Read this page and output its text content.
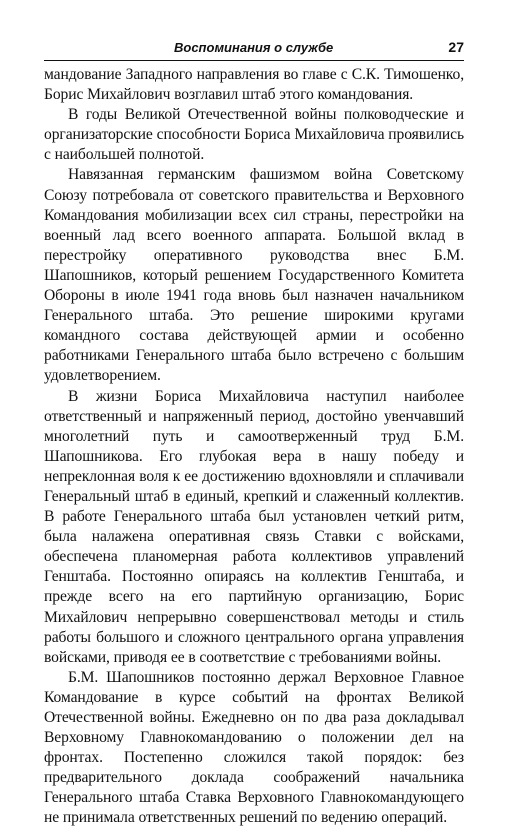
Воспоминания о службе	27

мандование Западного направления во главе с С.К. Тимошенко, Борис Михайлович возглавил штаб этого командования.

В годы Великой Отечественной войны полководческие и организаторские способности Бориса Михайловича проявились с наибольшей полнотой.

Навязанная германским фашизмом война Советскому Союзу потребовала от советского правительства и Верховного Командования мобилизации всех сил страны, перестройки на военный лад всего военного аппарата. Большой вклад в перестройку оперативного руководства внес Б.М. Шапошников, который решением Государственного Комитета Обороны в июле 1941 года вновь был назначен начальником Генерального штаба. Это решение широкими кругами командного состава действующей армии и особенно работниками Генерального штаба было встречено с большим удовлетворением.

В жизни Бориса Михайловича наступил наиболее ответственный и напряженный период, достойно увенчавший многолетний путь и самоотверженный труд Б.М. Шапошникова. Его глубокая вера в нашу победу и непреклонная воля к ее достижению вдохновляли и сплачивали Генеральный штаб в единый, крепкий и слаженный коллектив. В работе Генерального штаба был установлен четкий ритм, была налажена оперативная связь Ставки с войсками, обеспечена планомерная работа коллективов управлений Генштаба. Постоянно опираясь на коллектив Генштаба, и прежде всего на его партийную организацию, Борис Михайлович непрерывно совершенствовал методы и стиль работы большого и сложного центрального органа управления войсками, приводя ее в соответствие с требованиями войны.

Б.М. Шапошников постоянно держал Верховное Главное Командование в курсе событий на фронтах Великой Отечественной войны. Ежедневно он по два раза докладывал Верховному Главнокомандованию о положении дел на фронтах. Постепенно сложился такой порядок: без предварительного доклада соображений начальника Генерального штаба Ставка Верховного Главнокомандующего не принимала ответственных решений по ведению операций.
